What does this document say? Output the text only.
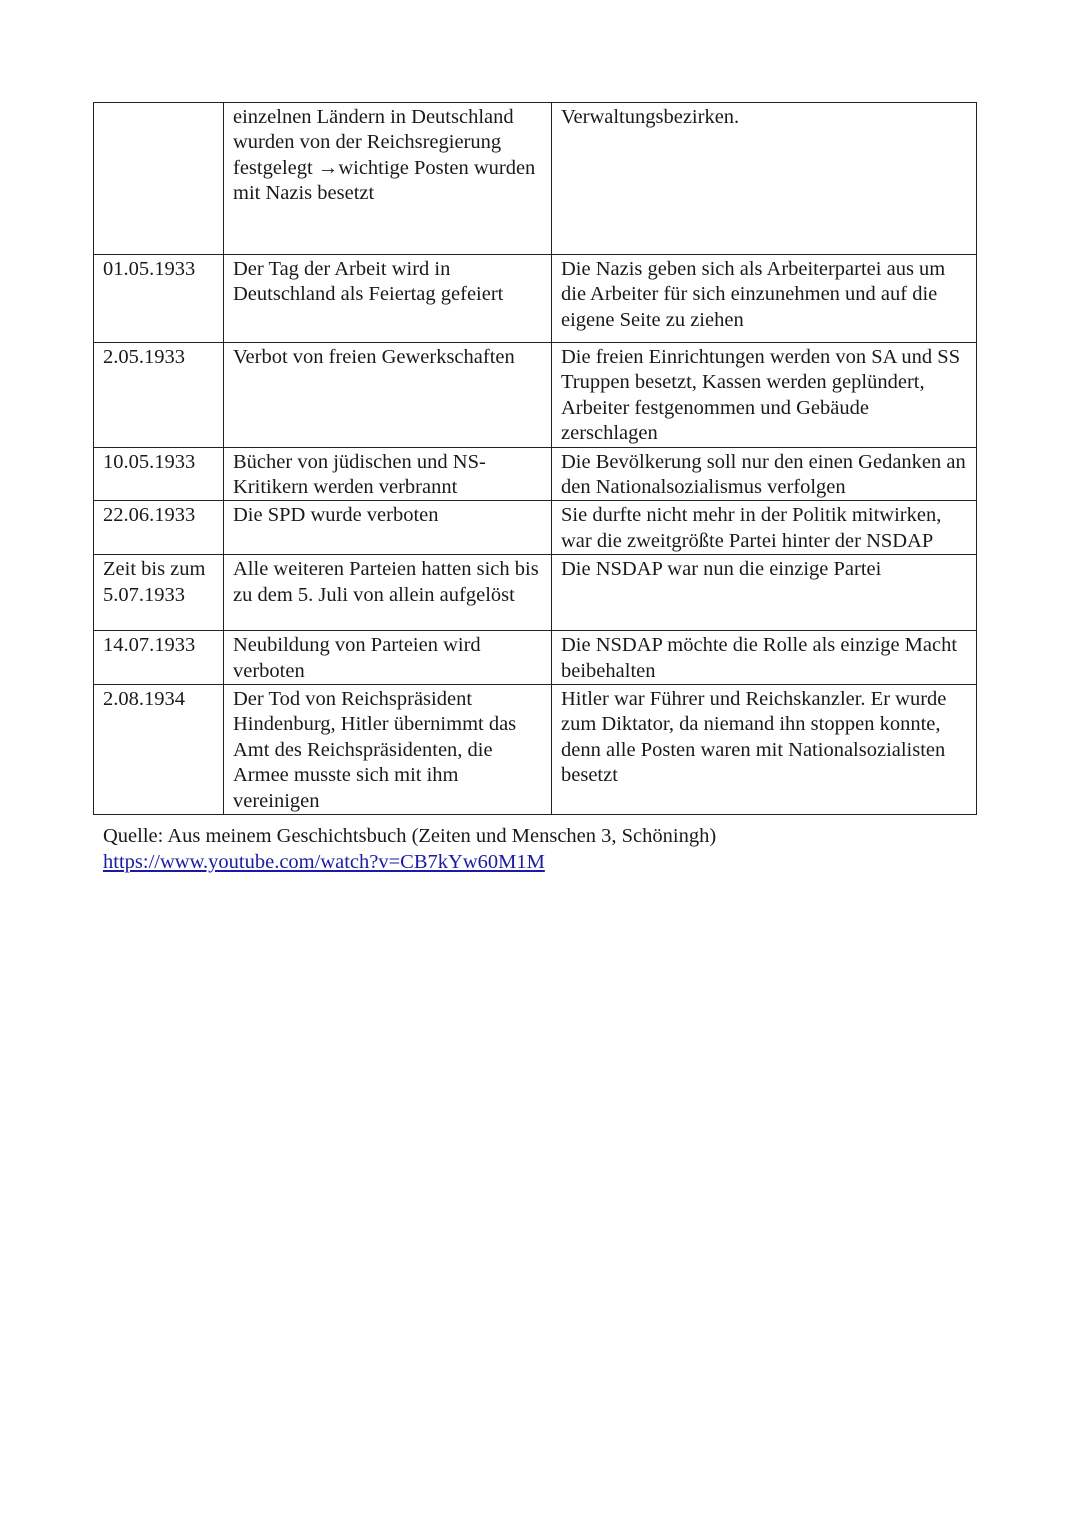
	einzelnen Ländern in Deutschland wurden von der Reichsregierung festgelegt →wichtige Posten wurden mit Nazis besetzt	Verwaltungsbezirken.
01.05.1933	Der Tag der Arbeit wird in Deutschland als Feiertag gefeiert	Die Nazis geben sich als Arbeiterpartei aus um die Arbeiter für sich einzunehmen und auf die eigene Seite zu ziehen
2.05.1933	Verbot von freien Gewerkschaften	Die freien Einrichtungen werden von SA und SS Truppen besetzt, Kassen werden geplündert, Arbeiter festgenommen und Gebäude zerschlagen
10.05.1933	Bücher von jüdischen und NS-Kritikern werden verbrannt	Die Bevölkerung soll nur den einen Gedanken an den Nationalsozialismus verfolgen
22.06.1933	Die SPD wurde verboten	Sie durfte nicht mehr in der Politik mitwirken, war die zweitgrößte Partei hinter der NSDAP
Zeit bis zum 5.07.1933	Alle weiteren Parteien hatten sich bis zu dem 5. Juli von allein aufgelöst	Die NSDAP war nun die einzige Partei
14.07.1933	Neubildung von Parteien wird verboten	Die NSDAP möchte die Rolle als einzige Macht beibehalten
2.08.1934	Der Tod von Reichspräsident Hindenburg, Hitler übernimmt das Amt des Reichspräsidenten, die Armee musste sich mit ihm vereinigen	Hitler war Führer und Reichskanzler. Er wurde zum Diktator, da niemand ihn stoppen konnte, denn alle Posten waren mit Nationalsozialisten besetzt
Quelle: Aus meinem Geschichtsbuch (Zeiten und Menschen 3, Schöningh)
https://www.youtube.com/watch?v=CB7kYw60M1M
